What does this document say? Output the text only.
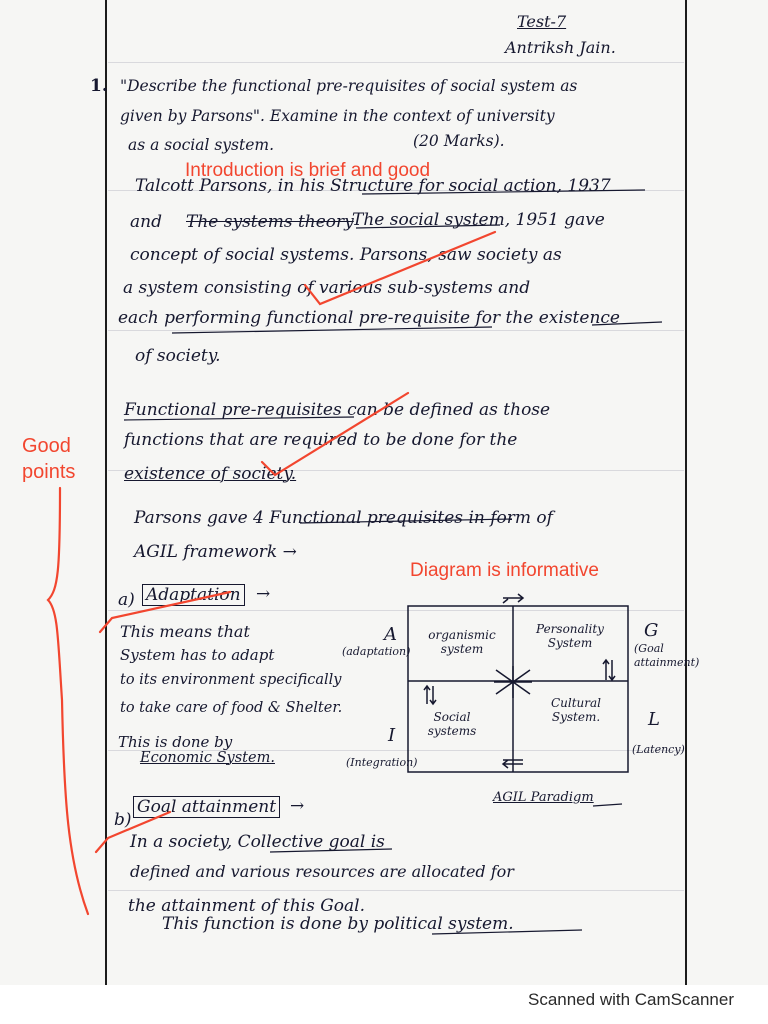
Test-7
Antriksh Jain.
1. "Describe the functional pre-requisites of social system as
given by Parsons". Examine in the context of university
as a social system.	(20 Marks).
Talcott Parsons, in his Structure for social action, 1937
and The systems theory
The social system, 1951 gave
concept of social systems. Parsons, saw society as
a system consisting of various sub-systems and
each performing functional pre-requisite for the existence
of society.
Functional pre-requisites can be defined as those
functions that are required to be done for the
existence of society.
Parsons gave 4 Functional prequisites in form of
AGIL framework →
a) Adaptation →
This means that
System has to adapt
to its environment specifically
to take care of food & Shelter.
This is done by
Economic System.
A
(adaptation)
G
(Goal attainment)
I
(Integration)
L
(Latency)
organismic system
Personality System
Social systems
Cultural System.
AGIL Paradigm
b)
Goal attainment →
In a society, Collective goal is
defined and various resources are allocated for
the attainment of this Goal.
This function is done by political system.
Introduction is brief and good
Good points
Diagram is informative
Scanned with CamScanner
